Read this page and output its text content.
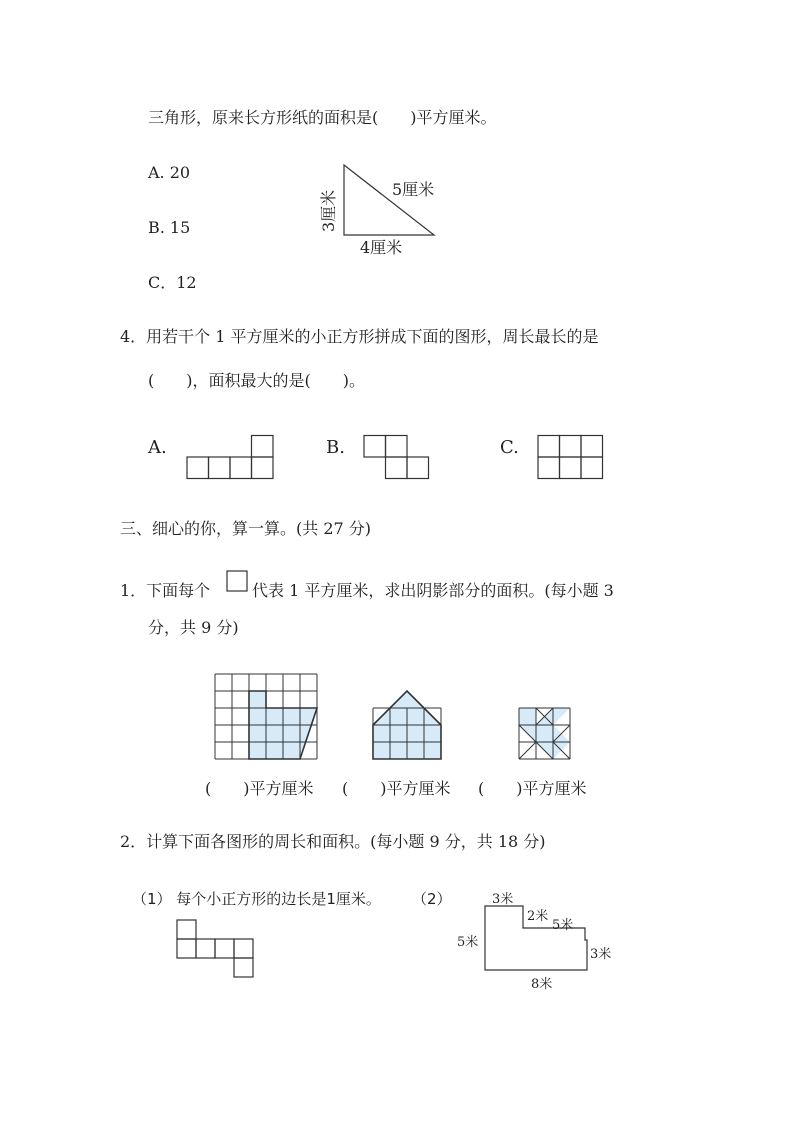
三角形，原来长方形纸的面积是(　　)平方厘米。
A. 20
B. 15
C．12
5厘米
4厘米
3厘米
4．用若干个 1 平方厘米的小正方形拼成下面的图形，周长最长的是
(　　)，面积最大的是(　　)。
A.	B.	C.
三、细心的你，算一算。(共 27 分)
1．下面每个	代表 1 平方厘米，求出阴影部分的面积。(每小题 3
分，共 9 分)
(　　)平方厘米 (　　)平方厘米 (　　)平方厘米
2．计算下面各图形的周长和面积。(每小题 9 分，共 18 分)
（1） 每个小正方形的边长是1厘米。 （2）	3米
2米
5米
5米
3米
8米
